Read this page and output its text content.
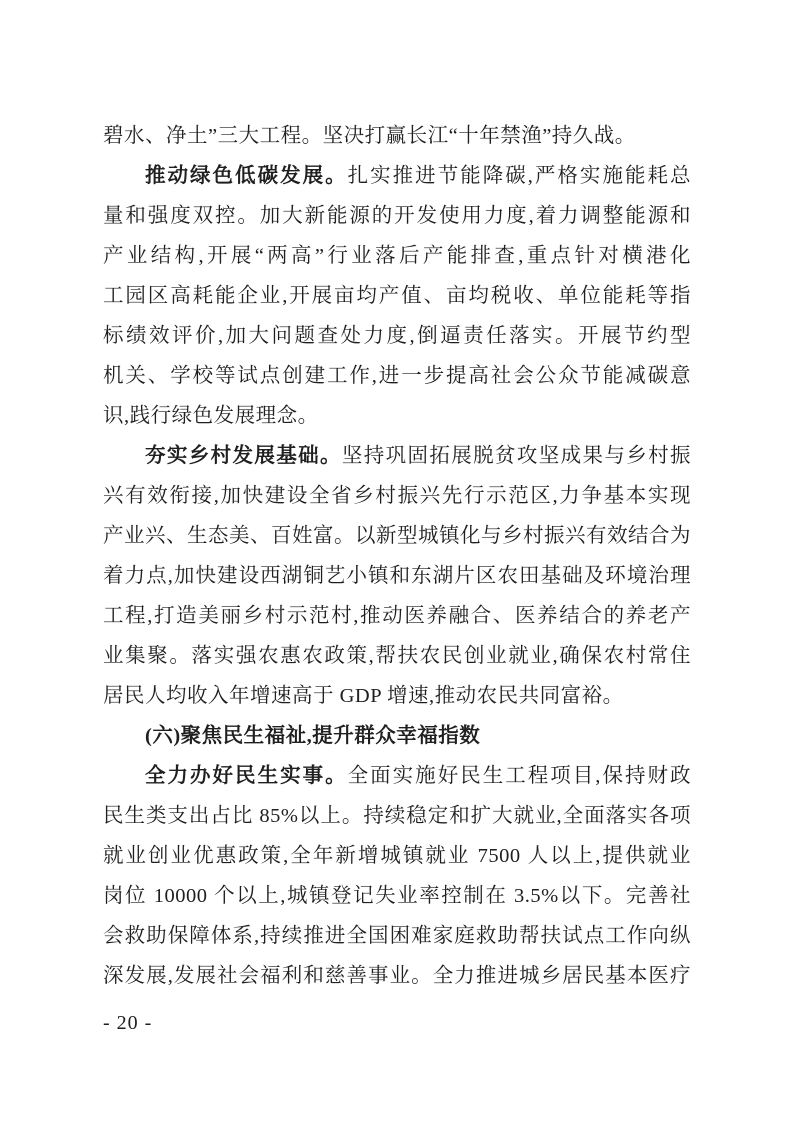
碧水、净土”三大工程。坚决打赢长江“十年禁渔”持久战。
推动绿色低碳发展。扎实推进节能降碳,严格实施能耗总
量和强度双控。加大新能源的开发使用力度,着力调整能源和
产业结构,开展“两高”行业落后产能排查,重点针对横港化
工园区高耗能企业,开展亩均产值、亩均税收、单位能耗等指
标绩效评价,加大问题查处力度,倒逼责任落实。开展节约型
机关、学校等试点创建工作,进一步提高社会公众节能减碳意
识,践行绿色发展理念。
夯实乡村发展基础。坚持巩固拓展脱贫攻坚成果与乡村振
兴有效衔接,加快建设全省乡村振兴先行示范区,力争基本实现
产业兴、生态美、百姓富。以新型城镇化与乡村振兴有效结合为
着力点,加快建设西湖铜艺小镇和东湖片区农田基础及环境治理
工程,打造美丽乡村示范村,推动医养融合、医养结合的养老产
业集聚。落实强农惠农政策,帮扶农民创业就业,确保农村常住
居民人均收入年增速高于 GDP 增速,推动农民共同富裕。
(六)聚焦民生福祉,提升群众幸福指数
全力办好民生实事。全面实施好民生工程项目,保持财政
民生类支出占比 85%以上。持续稳定和扩大就业,全面落实各项
就业创业优惠政策,全年新增城镇就业 7500 人以上,提供就业
岗位 10000 个以上,城镇登记失业率控制在 3.5%以下。完善社
会救助保障体系,持续推进全国困难家庭救助帮扶试点工作向纵
深发展,发展社会福利和慈善事业。全力推进城乡居民基本医疗
- 20 -
